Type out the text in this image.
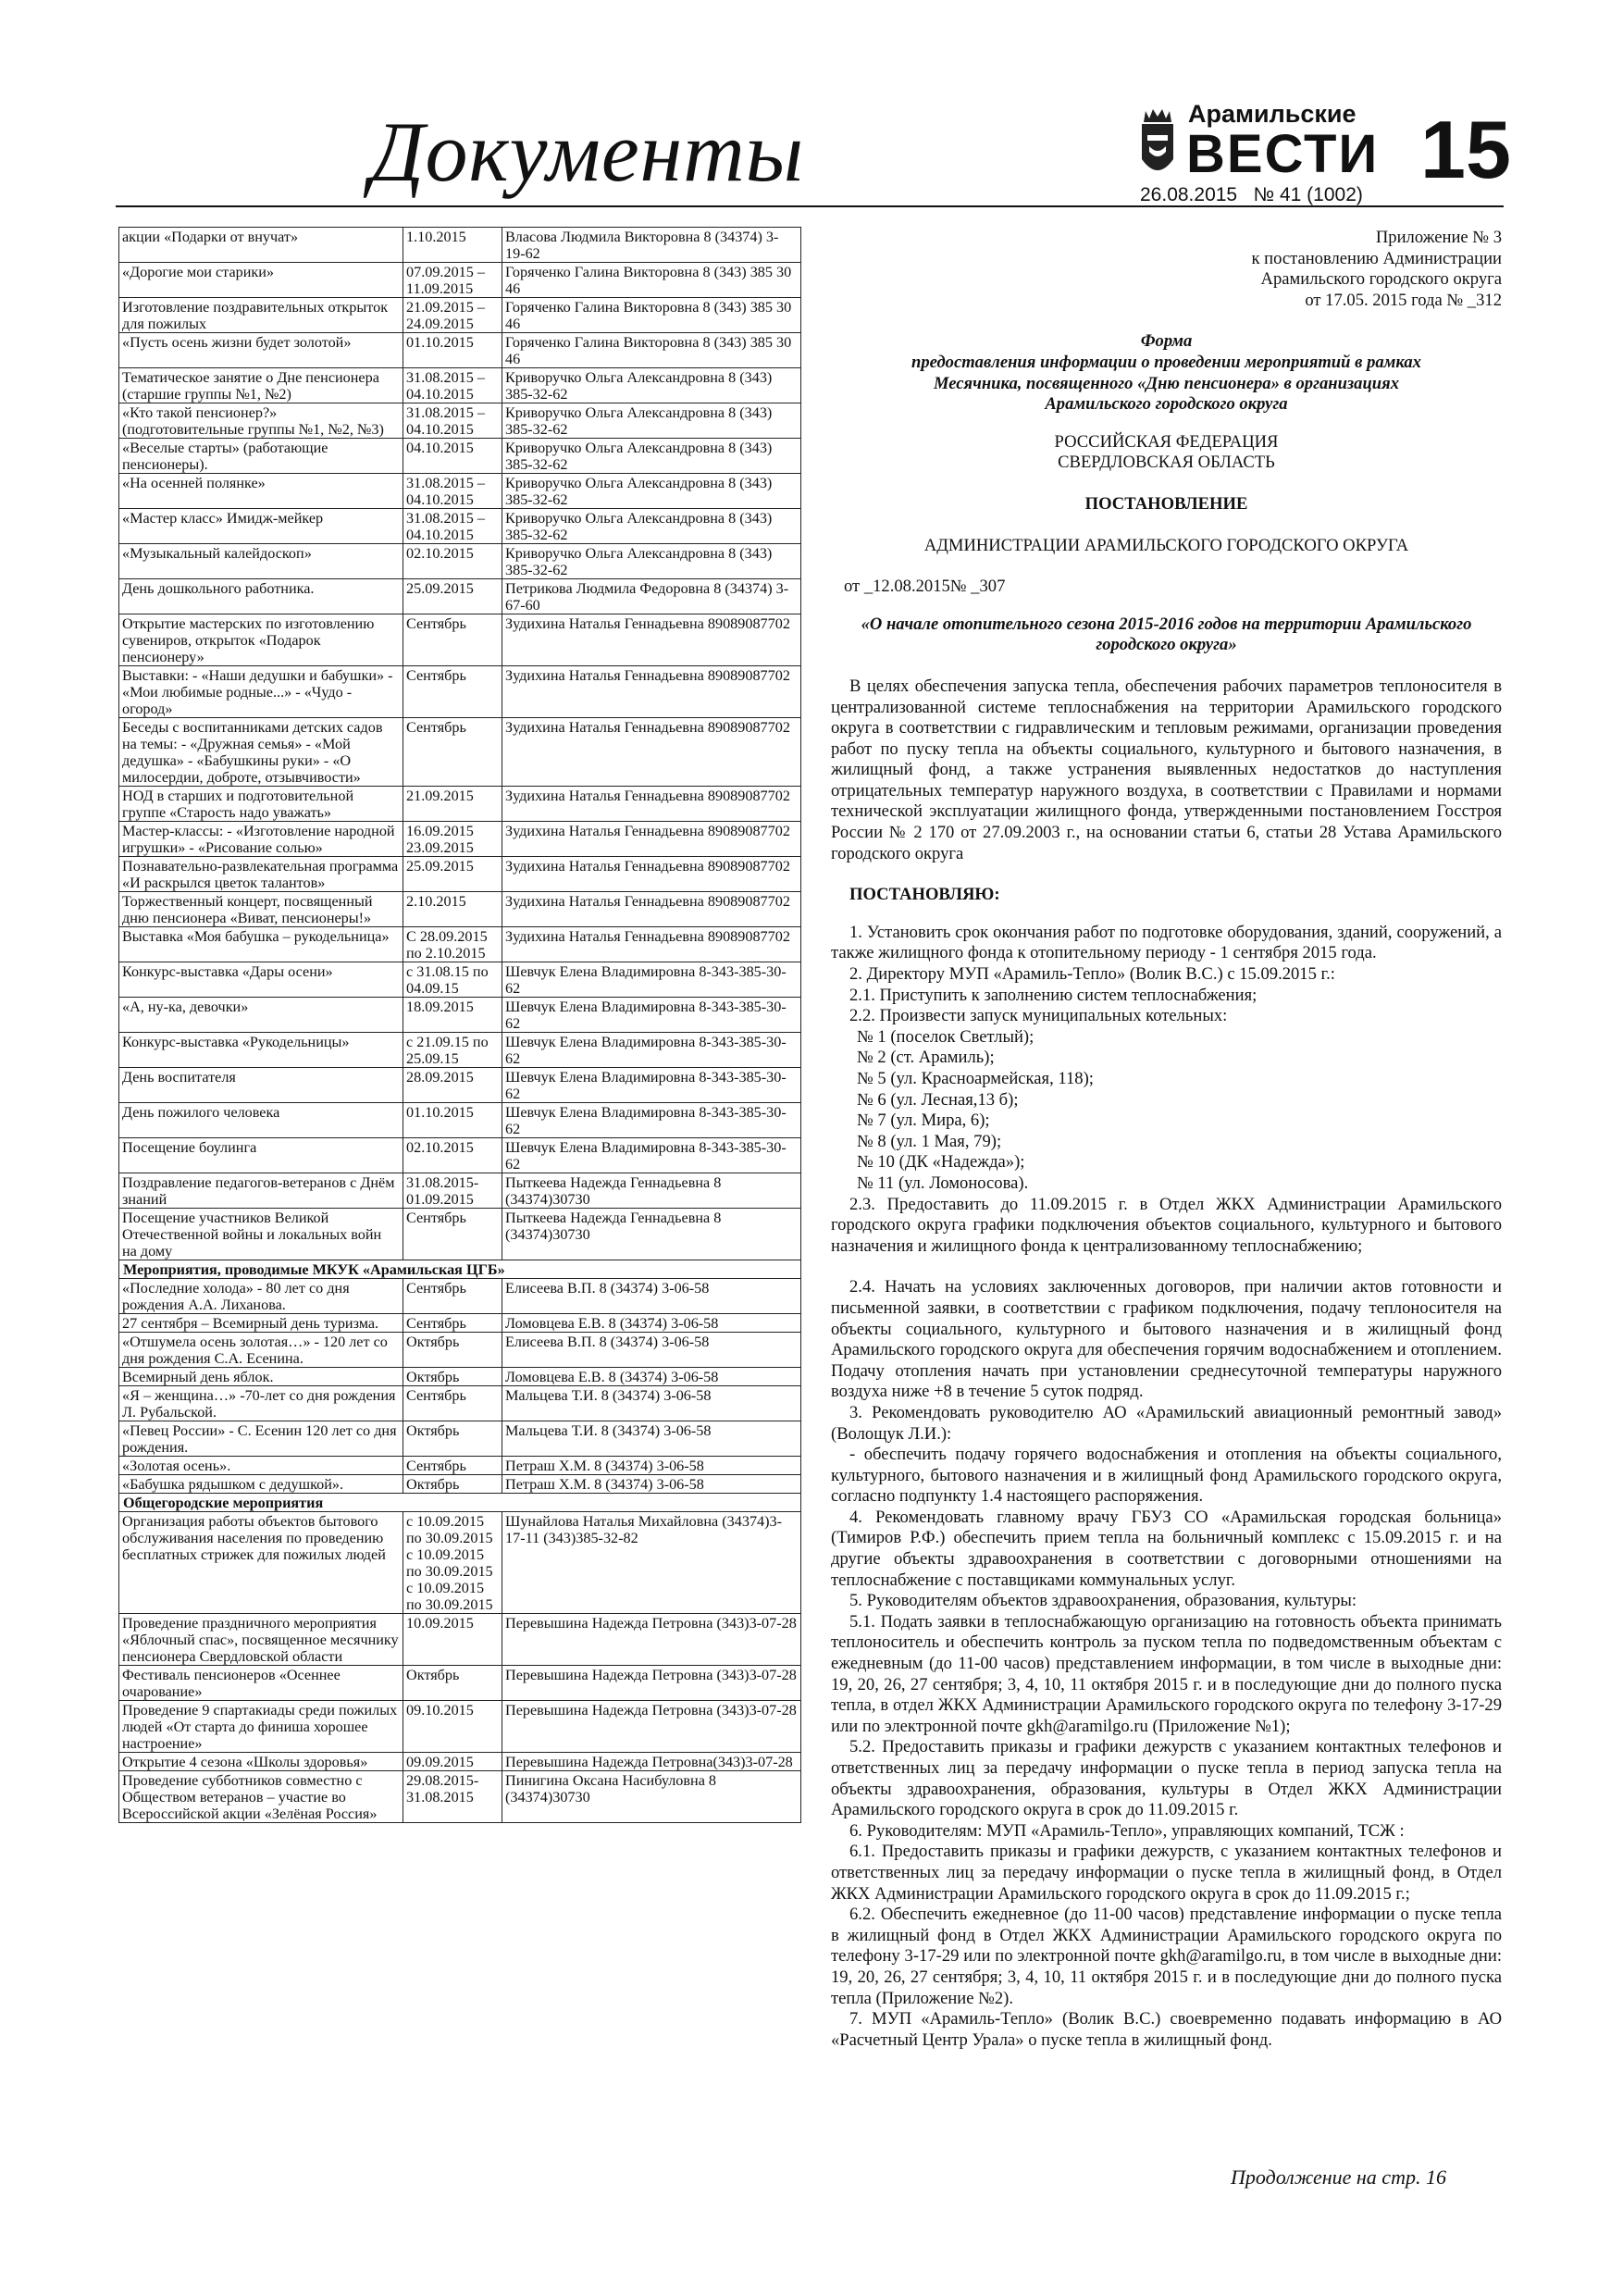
Документы	Арамильские
ВЕСТИ 15
26.08.2015 № 41 (1002)
акции «Подарки от внучат»	1.10.2015	Власова Людмила Викторовна 8 (34374) 3-19-62
«Дорогие мои старики»	07.09.2015 – 11.09.2015	Горяченко Галина Викторовна 8 (343) 385 30 46
Изготовление поздравительных открыток для пожилых	21.09.2015 – 24.09.2015	Горяченко Галина Викторовна 8 (343) 385 30 46
«Пусть осень жизни будет золотой»	01.10.2015	Горяченко Галина Викторовна 8 (343) 385 30 46
Тематическое занятие о Дне пенсионера (старшие группы №1, №2)	31.08.2015 – 04.10.2015	Криворучко Ольга Александровна 8 (343) 385-32-62
«Кто такой пенсионер?» (подготовительные группы №1, №2, №3)	31.08.2015 – 04.10.2015	Криворучко Ольга Александровна 8 (343) 385-32-62
«Веселые старты» (работающие пенсионеры).	04.10.2015	Криворучко Ольга Александровна 8 (343) 385-32-62
«На осенней полянке»	31.08.2015 – 04.10.2015	Криворучко Ольга Александровна 8 (343) 385-32-62
«Мастер класс» Имидж-мейкер	31.08.2015 – 04.10.2015	Криворучко Ольга Александровна 8 (343) 385-32-62
«Музыкальный калейдоскоп»	02.10.2015	Криворучко Ольга Александровна 8 (343) 385-32-62
День дошкольного работника.	25.09.2015	Петрикова Людмила Федоровна 8 (34374) 3-67-60
Открытие мастерских по изготовлению сувениров, открыток «Подарок пенсионеру»	Сентябрь	Зудихина Наталья Геннадьевна 89089087702
Выставки: - «Наши дедушки и бабушки» - «Мои любимые родные...» - «Чудо - огород»	Сентябрь	Зудихина Наталья Геннадьевна 89089087702
Беседы с воспитанниками детских садов на темы: - «Дружная семья» - «Мой дедушка» - «Бабушкины руки» - «О милосердии, доброте, отзывчивости»	Сентябрь	Зудихина Наталья Геннадьевна 89089087702
НОД в старших и подготовительной группе «Старость надо уважать»	21.09.2015	Зудихина Наталья Геннадьевна 89089087702
Мастер-классы: - «Изготовление народной игрушки» - «Рисование солью»	16.09.2015 23.09.2015	Зудихина Наталья Геннадьевна 89089087702
Познавательно-развлекательная программа «И раскрылся цветок талантов»	25.09.2015	Зудихина Наталья Геннадьевна 89089087702
Торжественный концерт, посвященный дню пенсионера «Виват, пенсионеры!»	2.10.2015	Зудихина Наталья Геннадьевна 89089087702
Выставка «Моя бабушка – рукодельница»	С 28.09.2015 по 2.10.2015	Зудихина Наталья Геннадьевна 89089087702
Конкурс-выставка «Дары осени»	с 31.08.15 по 04.09.15	Шевчук Елена Владимировна 8-343-385-30-62
«А, ну-ка, девочки»	18.09.2015	Шевчук Елена Владимировна 8-343-385-30-62
Конкурс-выставка «Рукодельницы»	с 21.09.15 по 25.09.15	Шевчук Елена Владимировна 8-343-385-30-62
День воспитателя	28.09.2015	Шевчук Елена Владимировна 8-343-385-30-62
День пожилого человека	01.10.2015	Шевчук Елена Владимировна 8-343-385-30-62
Посещение боулинга	02.10.2015	Шевчук Елена Владимировна 8-343-385-30-62
Поздравление педагогов-ветеранов с Днём знаний	31.08.2015- 01.09.2015	Пыткеева Надежда Геннадьевна 8 (34374)30730
Посещение участников Великой Отечественной войны и локальных войн на дому	Сентябрь	Пыткеева Надежда Геннадьевна 8 (34374)30730
Мероприятия, проводимые МКУК «Арамильская ЦГБ»		
«Последние холода» - 80 лет со дня рождения А.А. Лиханова.	Сентябрь	Елисеева В.П. 8 (34374) 3-06-58
27 сентября – Всемирный день туризма.	Сентябрь	Ломовцева Е.В. 8 (34374) 3-06-58
«Отшумела осень золотая…» - 120 лет со дня рождения С.А. Есенина.	Октябрь	Елисеева В.П. 8 (34374) 3-06-58
Всемирный день яблок.	Октябрь	Ломовцева Е.В. 8 (34374) 3-06-58
«Я – женщина…» -70-лет со дня рождения Л. Рубальской.	Сентябрь	Мальцева Т.И. 8 (34374) 3-06-58
«Певец России» - С. Есенин 120 лет со дня рождения.	Октябрь	Мальцева Т.И. 8 (34374) 3-06-58
«Золотая осень».	Сентябрь	Петраш Х.М. 8 (34374) 3-06-58
«Бабушка рядышком с дедушкой».	Октябрь	Петраш Х.М. 8 (34374) 3-06-58
Общегородские мероприятия		
Организация работы объектов бытового обслуживания населения по проведению бесплатных стрижек для пожилых людей	с 10.09.2015 по 30.09.2015 с 10.09.2015 по 30.09.2015 с 10.09.2015 по 30.09.2015	Шунайлова Наталья Михайловна (34374)3-17-11 (343)385-32-82
Проведение праздничного мероприятия «Яблочный спас», посвященное месячнику пенсионера Свердловской области	10.09.2015	Перевышина Надежда Петровна (343)3-07-28
Фестиваль пенсионеров «Осеннее очарование»	Октябрь	Перевышина Надежда Петровна (343)3-07-28
Проведение 9 спартакиады среди пожилых людей «От старта до финиша хорошее настроение»	09.10.2015	Перевышина Надежда Петровна (343)3-07-28
Открытие 4 сезона «Школы здоровья»	09.09.2015	Перевышина Надежда Петровна(343)3-07-28
Проведение субботников совместно с Обществом ветеранов – участие во Всероссийской акции «Зелёная Россия»	29.08.2015- 31.08.2015	Пинигина Оксана Насибуловна 8 (34374)30730

Приложение № 3

к постановлению Администрации

Арамильского городского округа

от 17.05. 2015 года № _312

Форма

предоставления информации о проведении мероприятий в рамках Месячника, посвященного «Дню пенсионера» в организациях

Арамильского городского округа

РОССИЙСКАЯ ФЕДЕРАЦИЯ

СВЕРДЛОВСКАЯ ОБЛАСТЬ

ПОСТАНОВЛЕНИЕ

АДМИНИСТРАЦИИ АРАМИЛЬСКОГО ГОРОДСКОГО ОКРУГА

от _12.08.2015№ _307

«О начале отопительного сезона 2015-2016 годов на территории Арамильского городского округа»

В целях обеспечения запуска тепла, обеспечения рабочих параметров теплоносителя в централизованной системе теплоснабжения на территории Арамильского городского округа в соответствии с гидравлическим и тепловым режимами, организации проведения работ по пуску тепла на объекты социального, культурного и бытового назначения, в жилищный фонд, а также устранения выявленных недостатков до наступления отрицательных температур наружного воздуха, в соответствии с Правилами и нормами технической эксплуатации жилищного фонда, утвержденными постановлением Госстроя России № 2 170 от 27.09.2003 г., на основании статьи 6, статьи 28 Устава Арамильского городского округа

ПОСТАНОВЛЯЮ:

1. Установить срок окончания работ по подготовке оборудования, зданий, сооружений, а также жилищного фонда к отопительному периоду - 1 сентября 2015 года.

2. Директору МУП «Арамиль-Тепло» (Волик В.С.) с 15.09.2015 г.:

2.1. Приступить к заполнению систем теплоснабжения;

2.2. Произвести запуск муниципальных котельных:

№ 1 (поселок Светлый);

№ 2 (ст. Арамиль);

№ 5 (ул. Красноармейская, 118);

№ 6 (ул. Лесная,13 б);

№ 7 (ул. Мира, 6);

№ 8 (ул. 1 Мая, 79);

№ 10 (ДК «Надежда»);

№ 11 (ул. Ломоносова).

2.3. Предоставить до 11.09.2015 г. в Отдел ЖКХ Администрации Арамильского городского округа графики подключения объектов социального, культурного и бытового назначения и жилищного фонда к централизованному теплоснабжению;

2.4. Начать на условиях заключенных договоров, при наличии актов готовности и письменной заявки, в соответствии с графиком подключения, подачу теплоносителя на объекты социального, культурного и бытового назначения и в жилищный фонд Арамильского городского округа для обеспечения горячим водоснабжением и отоплением. Подачу отопления начать при установлении среднесуточной температуры наружного воздуха ниже +8 в течение 5 суток подряд.

3. Рекомендовать руководителю АО «Арамильский авиационный ремонтный завод» (Волощук Л.И.):

- обеспечить подачу горячего водоснабжения и отопления на объекты социального, культурного, бытового назначения и в жилищный фонд Арамильского городского округа, согласно подпункту 1.4 настоящего распоряжения.

4. Рекомендовать главному врачу ГБУЗ СО «Арамильская городская больница» (Тимиров Р.Ф.) обеспечить прием тепла на больничный комплекс с 15.09.2015 г. и на другие объекты здравоохранения в соответствии с договорными отношениями на теплоснабжение с поставщиками коммунальных услуг.

5. Руководителям объектов здравоохранения, образования, культуры:

5.1. Подать заявки в теплоснабжающую организацию на готовность объекта принимать теплоноситель и обеспечить контроль за пуском тепла по подведомственным объектам с ежедневным (до 11-00 часов) представлением информации, в том числе в выходные дни: 19, 20, 26, 27 сентября; 3, 4, 10, 11 октября 2015 г. и в последующие дни до полного пуска тепла, в отдел ЖКХ Администрации Арамильского городского округа по телефону 3-17-29 или по электронной почте gkh@aramilgo.ru (Приложение №1);

5.2. Предоставить приказы и графики дежурств с указанием контактных телефонов и ответственных лиц за передачу информации о пуске тепла в период запуска тепла на объекты здравоохранения, образования, культуры в Отдел ЖКХ Администрации Арамильского городского округа в срок до 11.09.2015 г.

6. Руководителям: МУП «Арамиль-Тепло», управляющих компаний, ТСЖ :

6.1. Предоставить приказы и графики дежурств, с указанием контактных телефонов и ответственных лиц за передачу информации о пуске тепла в жилищный фонд, в Отдел ЖКХ Администрации Арамильского городского округа в срок до 11.09.2015 г.;

6.2. Обеспечить ежедневное (до 11-00 часов) представление информации о пуске тепла в жилищный фонд в Отдел ЖКХ Администрации Арамильского городского округа по телефону 3-17-29 или по электронной почте gkh@aramilgo.ru, в том числе в выходные дни: 19, 20, 26, 27 сентября; 3, 4, 10, 11 октября 2015 г. и в последующие дни до полного пуска тепла (Приложение №2).

7. МУП «Арамиль-Тепло» (Волик В.С.) своевременно подавать информацию в АО «Расчетный Центр Урала» о пуске тепла в жилищный фонд.

Продолжение на стр. 16
